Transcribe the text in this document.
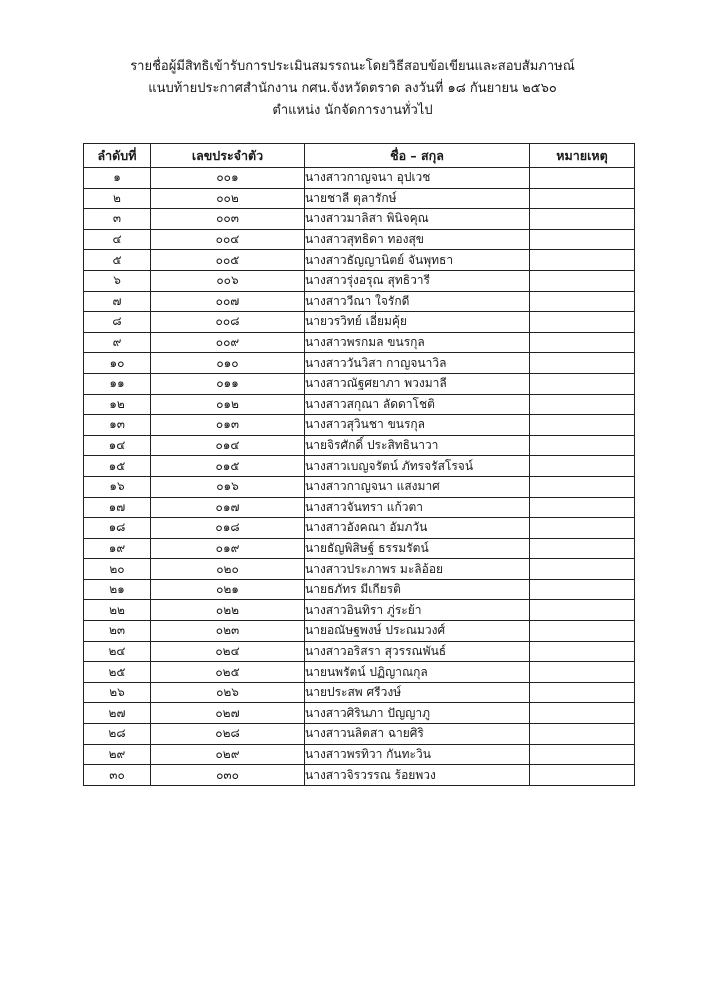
รายชื่อผู้มีสิทธิเข้ารับการประเมินสมรรถนะโดยวิธีสอบข้อเขียนและสอบสัมภาษณ์
แนบท้ายประกาศสำนักงาน กศน.จังหวัดตราด ลงวันที่ ๑๘ กันยายน ๒๕๖๐
ตำแหน่ง นักจัดการงานทั่วไป
ลำดับที่	เลขประจำตัว	ชื่อ – สกุล	หมายเหตุ
๑	๐๐๑	นางสาวกาญจนา อุปเวช	
๒	๐๐๒	นายชาลี ตุลารักษ์	
๓	๐๐๓	นางสาวมาลิสา พินิจคุณ	
๔	๐๐๔	นางสาวสุทธิดา ทองสุข	
๕	๐๐๕	นางสาวธัญญานิตย์ จันพุทธา	
๖	๐๐๖	นางสาวรุ่งอรุณ สุทธิวารี	
๗	๐๐๗	นางสาววีณา ใจรักดี	
๘	๐๐๘	นายวรวิทย์ เอี่ยมคุ้ย	
๙	๐๐๙	นางสาวพรกมล ขนรกุล	
๑๐	๐๑๐	นางสาววันวิสา กาญจนาวิล	
๑๑	๐๑๑	นางสาวณัฐศยาภา พวงมาลี	
๑๒	๐๑๒	นางสาวสกุณา ลัดดาโชติ	
๑๓	๐๑๓	นางสาวสุวินชา ขนรกุล	
๑๔	๐๑๔	นายจิรศักดิ์ ประสิทธินาวา	
๑๕	๐๑๕	นางสาวเบญจรัตน์ ภัทรจรัสโรจน์	
๑๖	๐๑๖	นางสาวกาญจนา แสงมาศ	
๑๗	๐๑๗	นางสาวจันทรา แก้วตา	
๑๘	๐๑๘	นางสาวอังคณา อัมภวัน	
๑๙	๐๑๙	นายธัญพิสิษฐ์ ธรรมรัตน์	
๒๐	๐๒๐	นางสาวประภาพร มะลิอ้อย	
๒๑	๐๒๑	นายธภัทร มีเกียรติ	
๒๒	๐๒๒	นางสาวอินทิรา ภู่ระย้า	
๒๓	๐๒๓	นายอณัษฐพงษ์ ประณมวงศ์	
๒๔	๐๒๔	นางสาวอริสรา สุวรรณพันธ์	
๒๕	๐๒๕	นายนพรัตน์ ปฏิญาณกุล	
๒๖	๐๒๖	นายประสพ ศรีวงษ์	
๒๗	๐๒๗	นางสาวศิรินภา ปัญญาภู	
๒๘	๐๒๘	นางสาวนลิตสา ฉายศิริ	
๒๙	๐๒๙	นางสาวพรทิวา กันทะวิน	
๓๐	๐๓๐	นางสาวจิรวรรณ ร้อยพวง	
